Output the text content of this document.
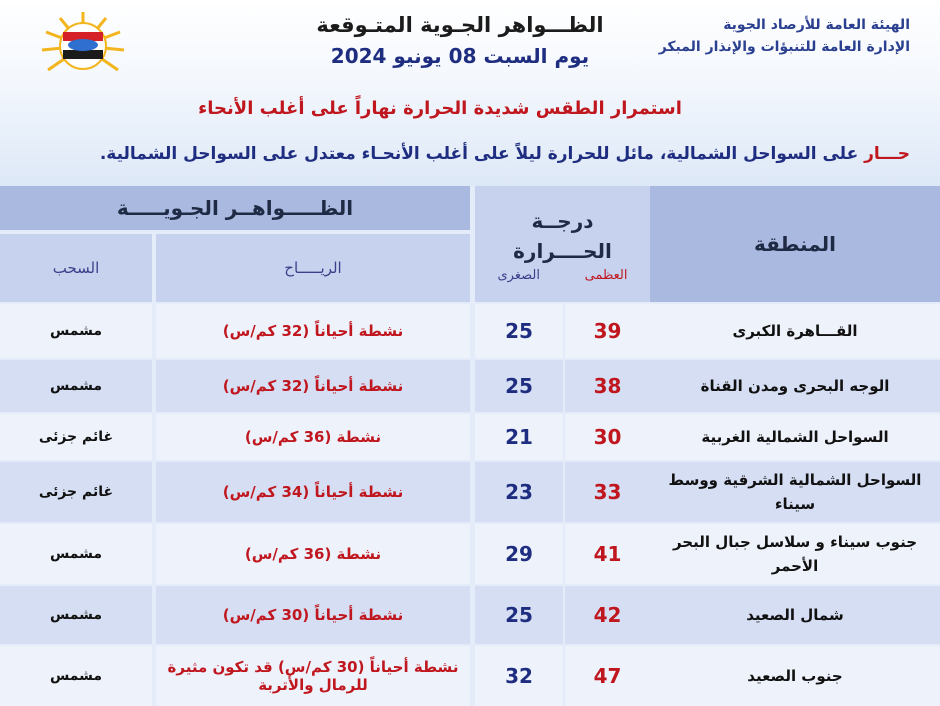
الهيئة العامة للأرصاد الجوية
الإدارة العامة للتنبؤات والإنذار المبكر
الظـــواهر الجـوية المتـوقعة
يوم السبت 08 يونيو 2024
استمرار الطقس شديدة الحرارة نهاراً على أغلب الأنحاء
حـــار على السواحل الشمالية، مائل للحرارة ليلاً على أغلب الأنحـاء معتدل على السواحل الشمالية.
المنطقة
درجــة الحــــرارة
العظمى
الصغرى
الظـــــواهــر الجـويـــــة
الريـــــاح
السحب
القـــاهرة الكبرى
39
25
نشطة أحياناً (32 كم/س)
مشمس
الوجه البحرى ومدن القناة
38
25
نشطة أحياناً (32 كم/س)
مشمس
السواحل الشمالية الغربية
30
21
نشطة (36 كم/س)
غائم جزئى
السواحل الشمالية الشرقية ووسط سيناء
33
23
نشطة أحياناً (34 كم/س)
غائم جزئى
جنوب سيناء و سلاسل جبال البحر الأحمر
41
29
نشطة (36 كم/س)
مشمس
شمال الصعيد
42
25
نشطة أحياناً (30 كم/س)
مشمس
جنوب الصعيد
47
32
نشطة أحياناً (30 كم/س) قد تكون مثيرة للرمال والأتربة
مشمس
